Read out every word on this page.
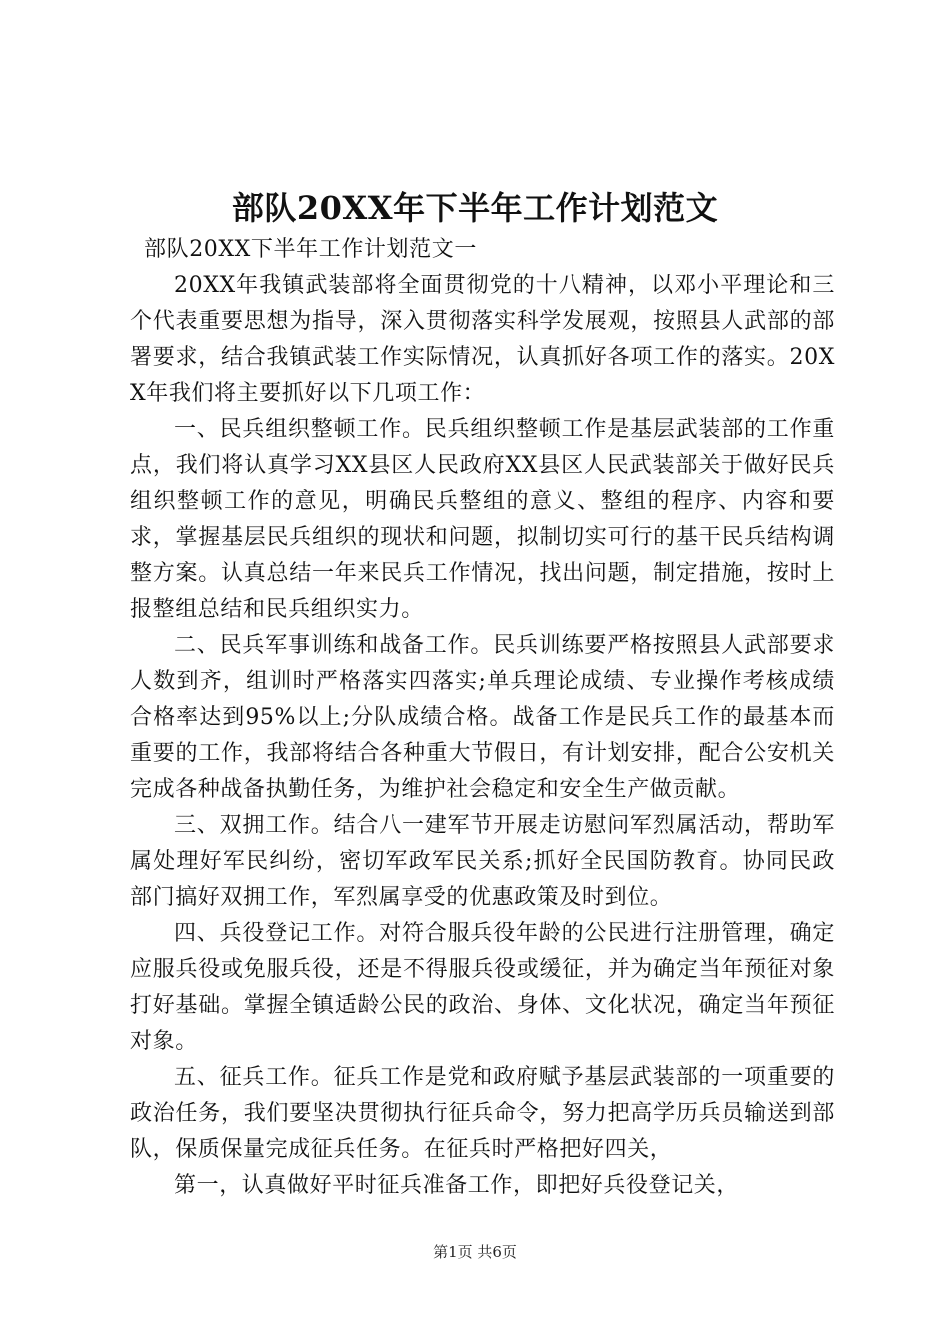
部队20XX年下半年工作计划范文

部队20XX下半年工作计划范文一

20XX年我镇武装部将全面贯彻党的十八精神，以邓小平理论和三个代表重要思想为指导，深入贯彻落实科学发展观，按照县人武部的部署要求，结合我镇武装工作实际情况，认真抓好各项工作的落实。20XX年我们将主要抓好以下几项工作：

一、民兵组织整顿工作。民兵组织整顿工作是基层武装部的工作重点，我们将认真学习XX县区人民政府XX县区人民武装部关于做好民兵组织整顿工作的意见，明确民兵整组的意义、整组的程序、内容和要求，掌握基层民兵组织的现状和问题，拟制切实可行的基干民兵结构调整方案。认真总结一年来民兵工作情况，找出问题，制定措施，按时上报整组总结和民兵组织实力。

二、民兵军事训练和战备工作。民兵训练要严格按照县人武部要求人数到齐，组训时严格落实四落实;单兵理论成绩、专业操作考核成绩合格率达到95%以上;分队成绩合格。战备工作是民兵工作的最基本而重要的工作，我部将结合各种重大节假日，有计划安排，配合公安机关完成各种战备执勤任务，为维护社会稳定和安全生产做贡献。

三、双拥工作。结合八一建军节开展走访慰问军烈属活动，帮助军属处理好军民纠纷，密切军政军民关系;抓好全民国防教育。协同民政部门搞好双拥工作，军烈属享受的优惠政策及时到位。

四、兵役登记工作。对符合服兵役年龄的公民进行注册管理，确定应服兵役或免服兵役，还是不得服兵役或缓征，并为确定当年预征对象打好基础。掌握全镇适龄公民的政治、身体、文化状况，确定当年预征对象。

五、征兵工作。征兵工作是党和政府赋予基层武装部的一项重要的政治任务，我们要坚决贯彻执行征兵命令，努力把高学历兵员输送到部队，保质保量完成征兵任务。在征兵时严格把好四关，

第一，认真做好平时征兵准备工作，即把好兵役登记关，

第1页 共6页
